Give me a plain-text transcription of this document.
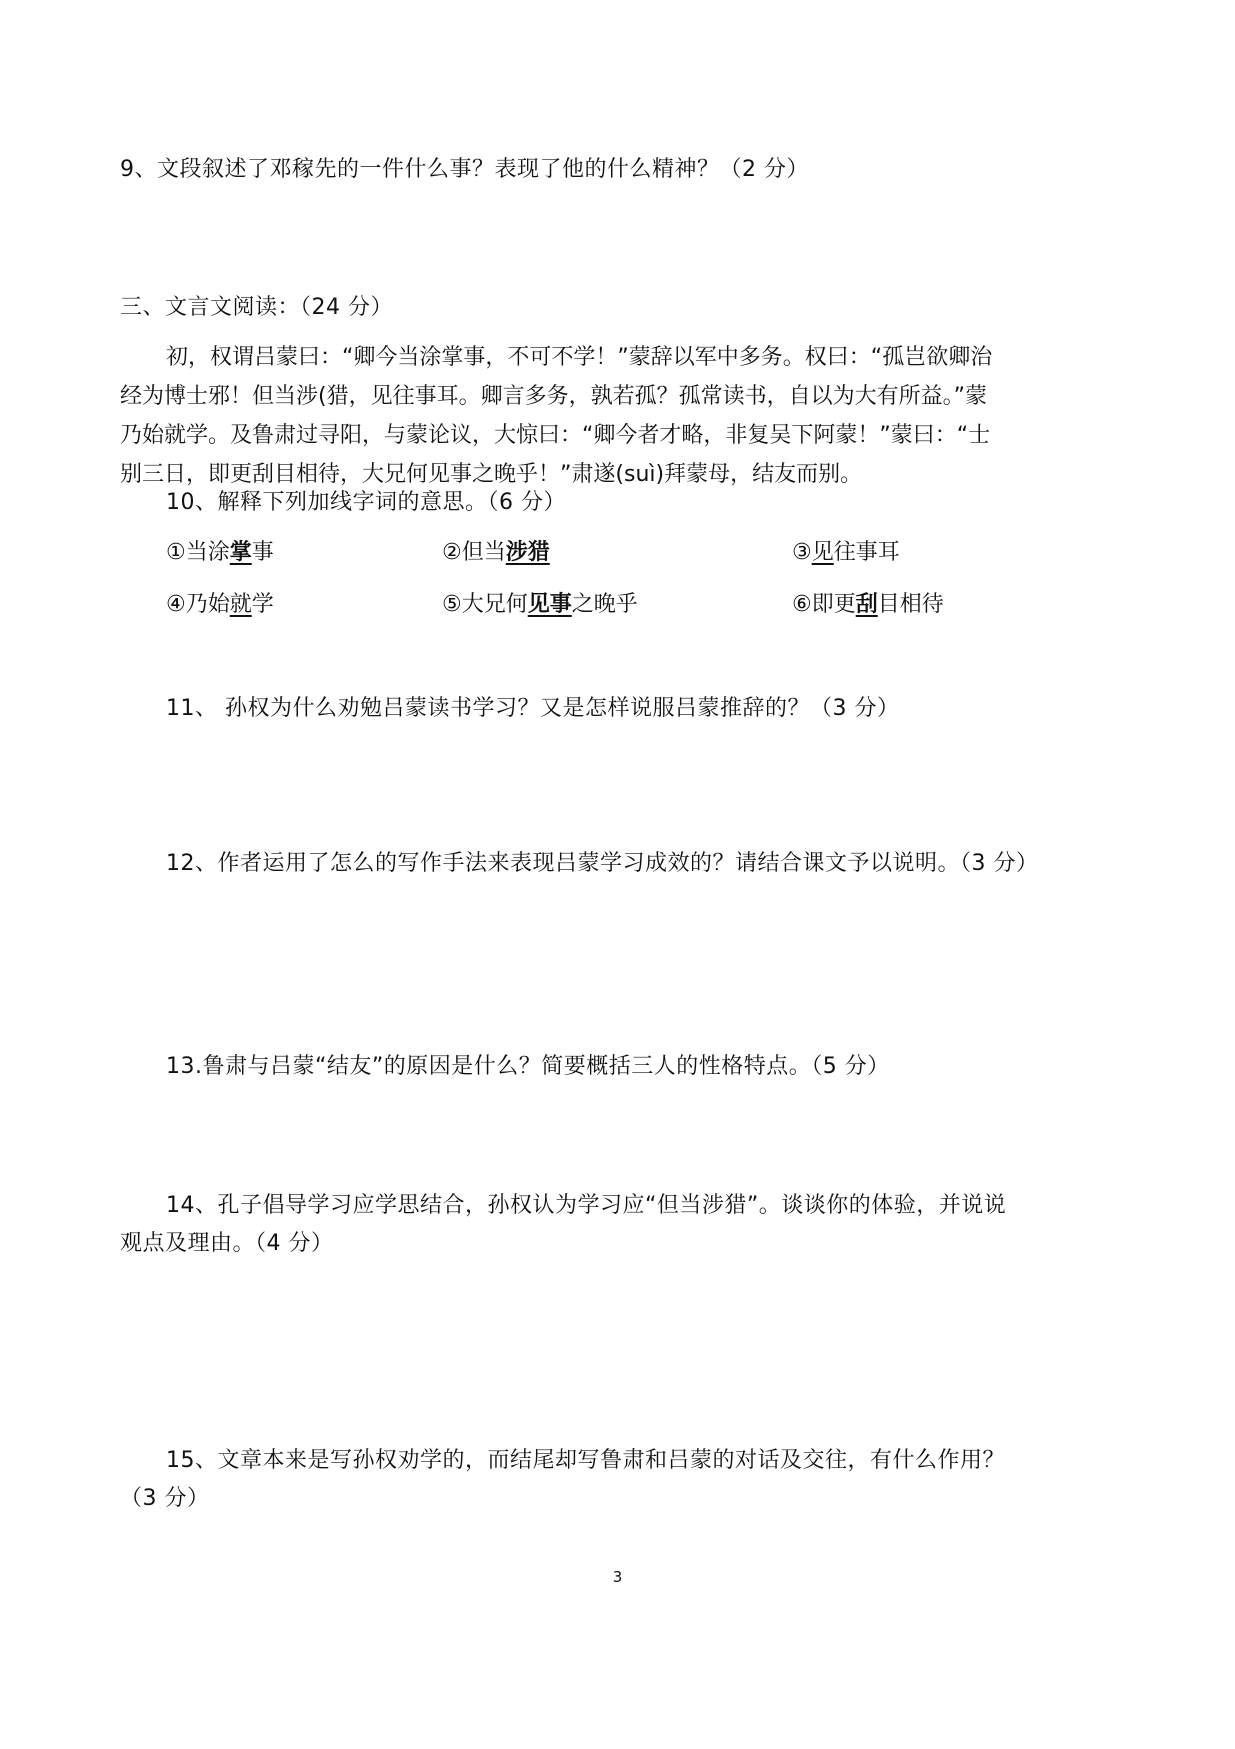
9、文段叙述了邓稼先的一件什么事？表现了他的什么精神？（2 分）
三、文言文阅读：（24 分）
初，权谓吕蒙曰：“卿今当涂掌事，不可不学！”蒙辞以军中多务。权曰：“孤岂欲卿治
经为博士邪！但当涉(猎，见往事耳。卿言多务，孰若孤？孤常读书，自以为大有所益。”蒙
乃始就学。及鲁肃过寻阳，与蒙论议，大惊曰：“卿今者才略，非复吴下阿蒙！”蒙曰：“士
别三日，即更刮目相待，大兄何见事之晚乎！”肃遂(suì)拜蒙母，结友而别。
10、解释下列加线字词的意思。（6 分）
①当涂掌事	②但当涉猎	③见往事耳
④乃始就学	⑤大兄何见事之晚乎	⑥即更刮目相待
11、 孙权为什么劝勉吕蒙读书学习？又是怎样说服吕蒙推辞的？（3 分）
12、作者运用了怎么的写作手法来表现吕蒙学习成效的？请结合课文予以说明。（3 分）
13.鲁肃与吕蒙“结友”的原因是什么？简要概括三人的性格特点。（5 分）
14、孔子倡导学习应学思结合，孙权认为学习应“但当涉猎”。谈谈你的体验，并说说
观点及理由。（4 分）
15、文章本来是写孙权劝学的，而结尾却写鲁肃和吕蒙的对话及交往，有什么作用？
（3 分）
3
